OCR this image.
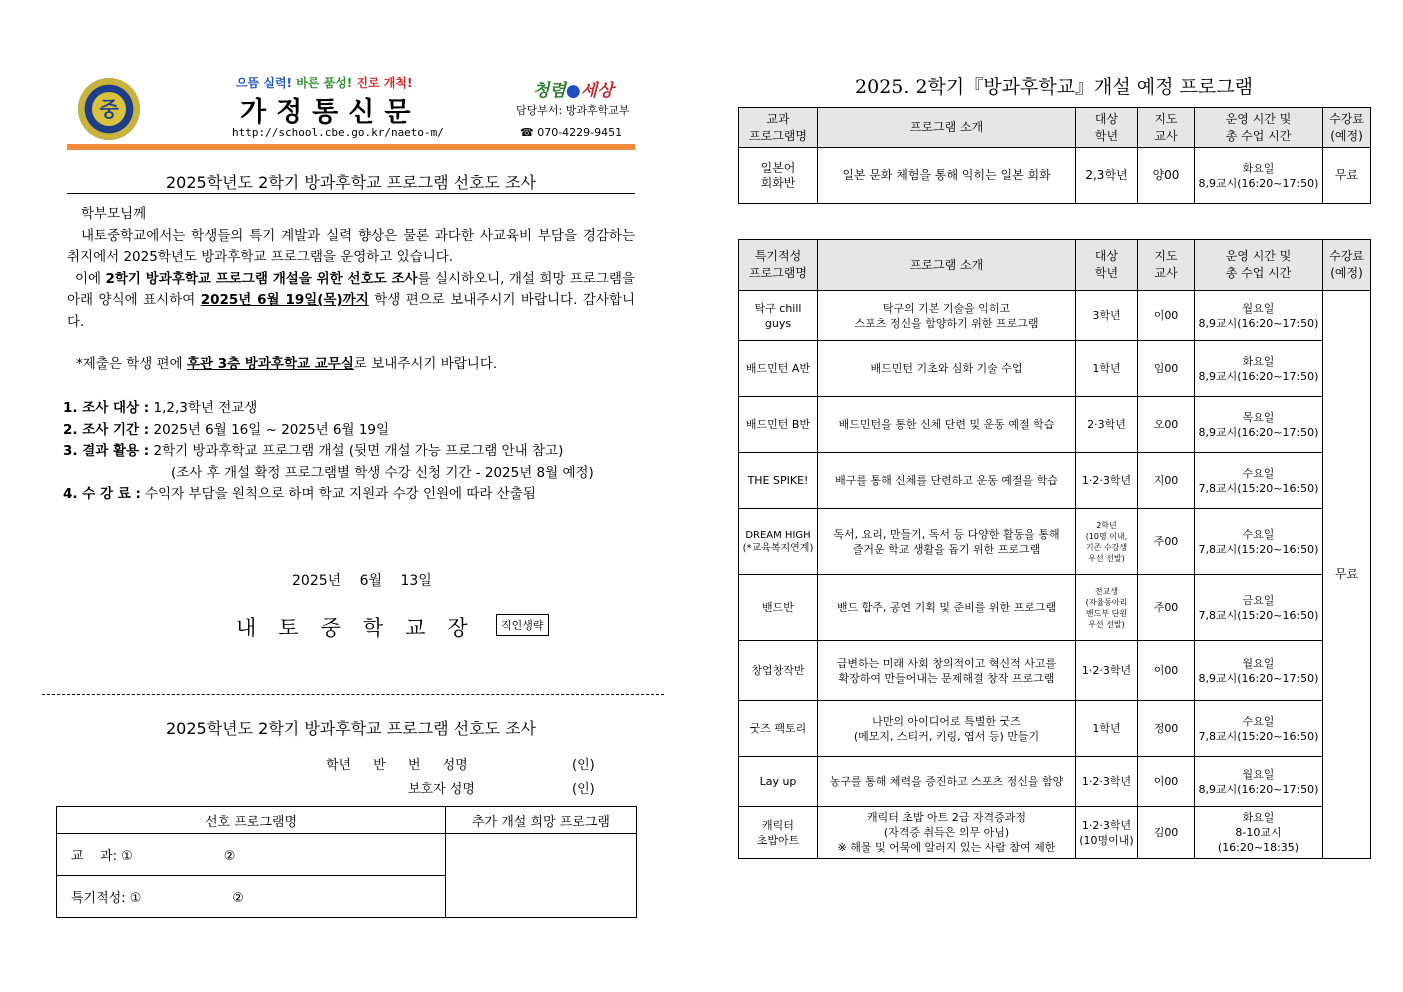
중
으뜸 실력! 바른 품성! 진로 개척!
가정통신문
http://school.cbe.go.kr/naeto-m/
청렴●세상
담당부서: 방과후학교부
☎ 070-4229-9451
2025학년도 2학기 방과후학교 프로그램 선호도 조사

학부모님께

내토중학교에서는 학생들의 특기 계발과 실력 향상은 물론 과다한 사교육비 부담을 경감하는 취지에서 2025학년도 방과후학교 프로그램을 운영하고 있습니다.

이에 2학기 방과후학교 프로그램 개설을 위한 선호도 조사를 실시하오니, 개설 희망 프로그램을 아래 양식에 표시하여 2025년 6월 19일(목)까지 학생 편으로 보내주시기 바랍니다. 감사합니다.

*제출은 학생 편에 후관 3층 방과후학교 교무실로 보내주시기 바랍니다.
1. 조사 대상 : 1,2,3학년 전교생
2. 조사 기간 : 2025년 6월 16일 ~ 2025년 6월 19일
3. 결과 활용 : 2학기 방과후학교 프로그램 개설 (뒷면 개설 가능 프로그램 안내 참고)
(조사 후 개설 확정 프로그램별 학생 수강 신청 기간 - 2025년 8월 예정)
4. 수 강 료 : 수익자 부담을 원칙으로 하며 학교 지원과 수강 인원에 따라 산출됨
2025년 6월 13일
내토중학교장	직인생략
2025학년도 2학기 방과후학교 프로그램 선호도 조사
학년 반 번 성명	(인)
보호자 성명	(인)
선호 프로그램명	추가 개설 희망 프로그램
교    과: ①                      ②	
특기적성: ①                      ②	
2025. 2학기『방과후학교』개설 예정 프로그램
교과
프로그램명	프로그램 소개	대상
학년	지도
교사	운영 시간 및
총 수업 시간	수강료
(예정)
일본어
회화반	일본 문화 체험을 통해 익히는 일본 회화	2,3학년	양00	화요일
8,9교시(16:20~17:50)	무료
특기적성
프로그램명	프로그램 소개	대상
학년	지도
교사	운영 시간 및
총 수업 시간	수강료
(예정)
탁구 chill
guys	탁구의 기본 기술을 익히고
스포츠 정신을 함양하기 위한 프로그램	3학년	이00	월요일
8,9교시(16:20~17:50)	무료
배드민턴 A반	배드민턴 기초와 심화 기술 수업	1학년	임00	화요일
8,9교시(16:20~17:50)	
배드민턴 B반	배드민턴을 통한 신체 단련 및 운동 예절 학습	2·3학년	오00	목요일
8,9교시(16:20~17:50)	
THE SPIKE!	배구를 통해 신체를 단련하고 운동 예절을 학습	1·2·3학년	지00	수요일
7,8교시(15:20~16:50)	
DREAM HIGH
(*교육복지연계)	독서, 요리, 만들기, 독서 등 다양한 활동을 통해
즐거운 학교 생활을 돕기 위한 프로그램	2학년
(10명 이내,
기존 수강생
우선 선발)	주00	수요일
7,8교시(15:20~16:50)	
밴드반	밴드 합주, 공연 기획 및 준비를 위한 프로그램	전교생
(자율동아리
밴드부 단원
우선 선발)	주00	금요일
7,8교시(15:20~16:50)	
창업창작반	급변하는 미래 사회 창의적이고 혁신적 사고를
확장하여 만들어내는 문제해결 창작 프로그램	1·2·3학년	이00	월요일
8,9교시(16:20~17:50)	
굿즈 팩토리	나만의 아이디어로 특별한 굿즈
(메모지, 스티커, 키링, 엽서 등) 만들기	1학년	정00	수요일
7,8교시(15:20~16:50)	
Lay up	농구를 통해 체력을 증진하고 스포츠 정신을 함양	1·2·3학년	이00	월요일
8,9교시(16:20~17:50)	
캐릭터
초밥아트	캐릭터 초밥 아트 2급 자격증과정
(자격증 취득은 의무 아님)
※ 해물 및 어묵에 알러지 있는 사람 참여 제한	1·2·3학년
(10명이내)	김00	화요일
8-10교시(16:20~18:35)	
